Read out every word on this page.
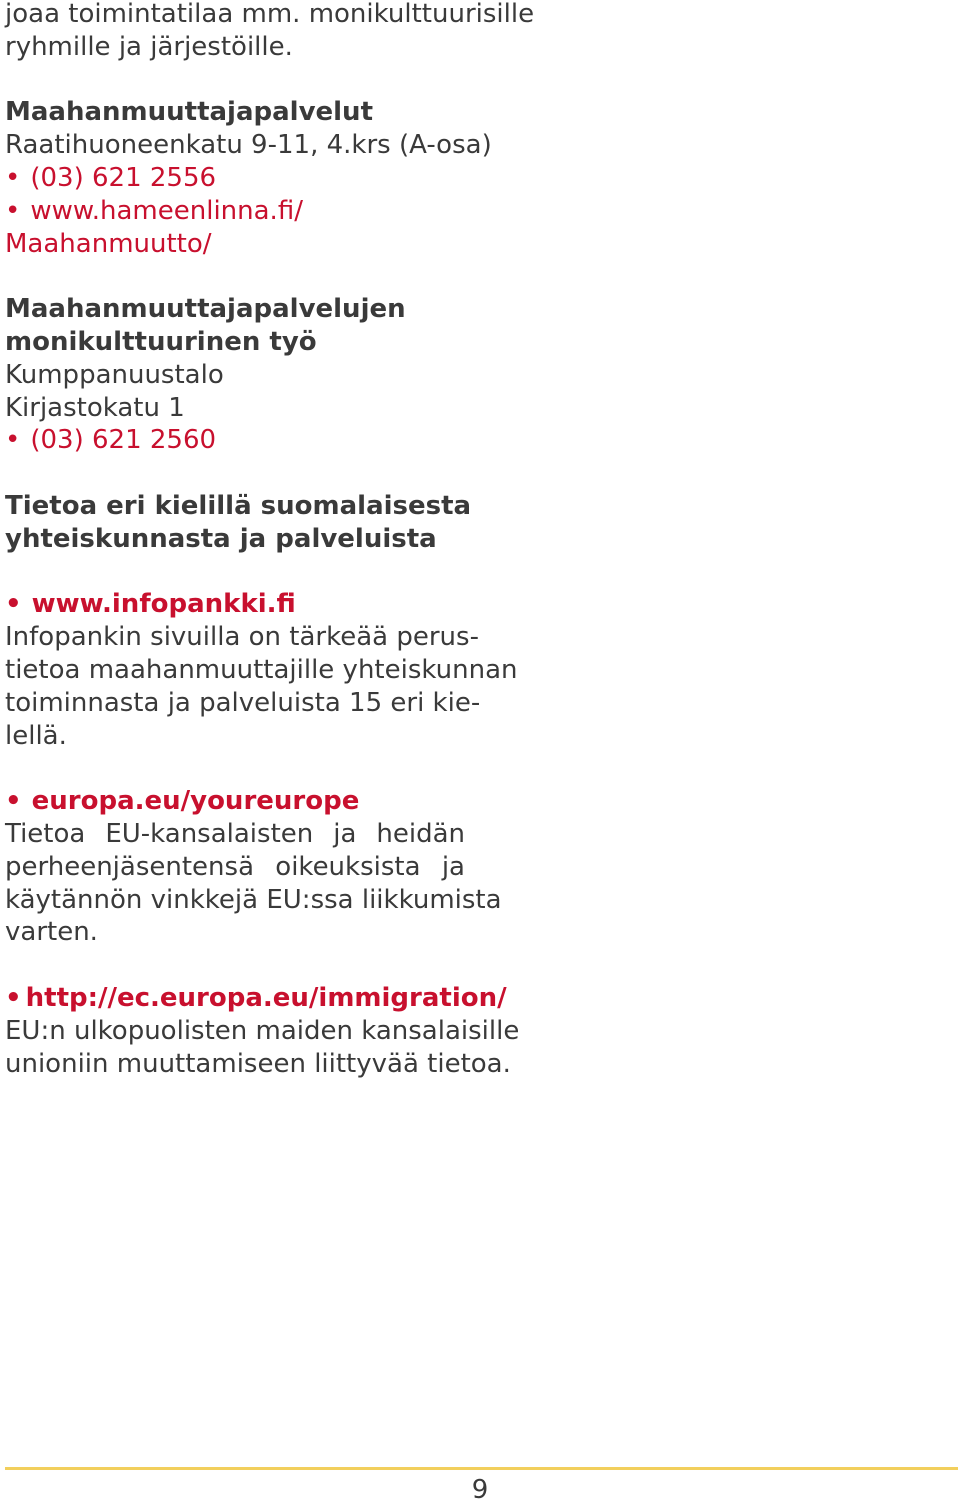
joaa toimintatilaa mm. monikulttuurisille
ryhmille ja järjestöille.
Maahanmuuttajapalvelut
Raatihuoneenkatu 9-11, 4.krs (A-osa)
• (03) 621 2556
• www.hameenlinna.fi/
Maahanmuutto/
Maahanmuuttajapalvelujen
monikulttuurinen työ
Kumppanuustalo
Kirjastokatu 1
• (03) 621 2560
Tietoa eri kielillä suomalaisesta
yhteiskunnasta ja palveluista
• www.infopankki.fi
Infopankin sivuilla on tärkeää perus-
tietoa maahanmuuttajille yhteiskunnan
toiminnasta ja palveluista 15 eri kie-
lellä.
• europa.eu/youreurope
Tietoa EU-kansalaisten ja heidän
perheenjäsentensä oikeuksista ja
käytännön vinkkejä EU:ssa liikkumista
varten.
• http://ec.europa.eu/immigration/
EU:n ulkopuolisten maiden kansalaisille
unioniin muuttamiseen liittyvää tietoa.
9
